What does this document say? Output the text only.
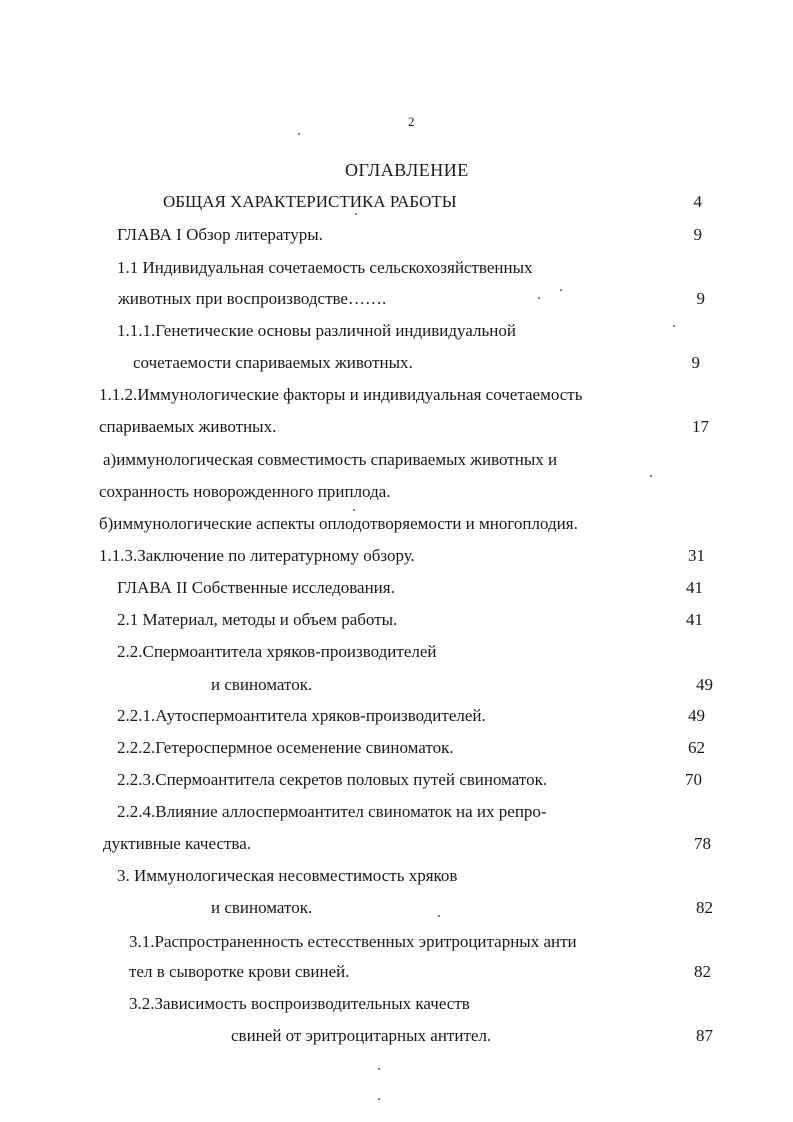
2
ОГЛАВЛЕНИЕ
ОБЩАЯ ХАРАКТЕРИСТИКА РАБОТЫ	4
ГЛАВА I Обзор литературы.	9
1.1 Индивидуальная сочетаемость сельскохозяйственных
животных при воспроизводстве…….	9
1.1.1.Генетические основы различной индивидуальной
сочетаемости спариваемых животных.	9
1.1.2.Иммунологические факторы и индивидуальная сочетаемость
спариваемых животных.	17
а)иммунологическая совместимость спариваемых животных и
сохранность новорожденного приплода.
б)иммунологические аспекты оплодотворяемости и многоплодия.
1.1.3.Заключение по литературному обзору.	31
ГЛАВА II Собственные исследования.	41
2.1 Материал, методы и объем работы.	41
2.2.Спермоантитела хряков-производителей
и свиноматок.	49
2.2.1.Аутоспермоантитела хряков-производителей.	49
2.2.2.Гетероспермное осеменение свиноматок.	62
2.2.3.Спермоантитела секретов половых путей свиноматок.	70
2.2.4.Влияние аллоспермоантител свиноматок на их репро-
дуктивные качества.	78
3. Иммунологическая несовместимость хряков
и свиноматок.	82
3.1.Распространенность естесственных эритроцитарных анти
тел в сыворотке крови свиней.	82
3.2.Зависимость воспроизводительных качеств
свиней от эритроцитарных антител.	87
